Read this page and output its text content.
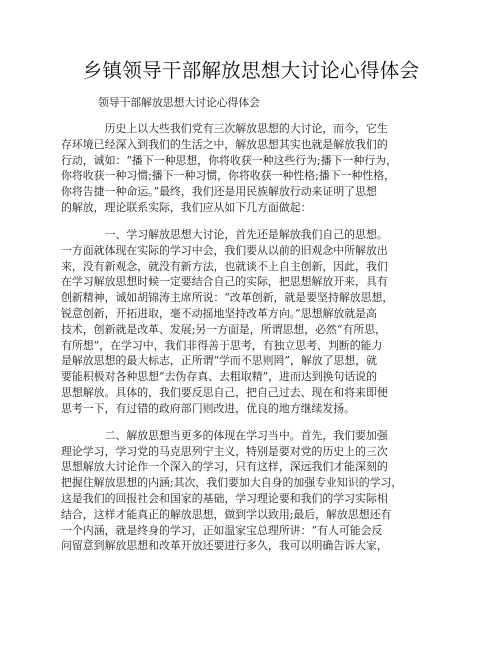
乡镇领导干部解放思想大讨论心得体会
领导干部解放思想大讨论心得体会
　　　　历史上以大些我们党有三次解放思想的大讨论，而今，它生
存环境已经深入到我们的生活之中，解放思想其实也就是解放我们的
行动，诚如：“播下一种思想，你将收获一种这些行为;播下一种行为，
你将收获一种习惯;播下一种习惯，你将收获一种性格;播下一种性格，
你将告捷一种命运。”最终，我们还是用民族解放行动来证明了思想
的解放，理论联系实际，我们应从如下几方面做起：
　　　　一、学习解放思想大讨论，首先还是解放我们自己的思想。
一方面就体现在实际的学习中会，我们要从以前的旧观念中所解放出
来，没有新观念，就没有新方法，也就谈不上自主创新，因此，我们
在学习解放思想时候一定要结合自己的实际，把思想解放开来，具有
创新精神，诚如胡锦涛主席所说：“改革创新，就是要坚持解放思想，
锐意创新，开拓进取，毫不动摇地坚持改革方向。”思想解放就是高
技术，创新就是改革、发展;另一方面是，所谓思想，必然“有所思，
有所想”，在学习中，我们非得善于思考，有独立思考、判断的能力
是解放思想的最大标志，正所谓“学而不思则罔”，解放了思想，就
要能积极对各种思想“去伪存真、去粗取精”，进而达到换句话说的
思想解放。具体的，我们要反思自己，把自己过去、现在和将来即便
思考一下，有过错的政府部门则改进，优良的地方继续发扬。
　　　　二、解放思想当更多的体现在学习当中。首先，我们要加强
理论学习，学习党的马克思列宁主义，特别是要对党的历史上的三次
思想解放大讨论作一个深入的学习，只有这样，深远我们才能深刻的
把握住解放思想的内涵;其次，我们要加大自身的加强专业知识的学习，
这是我们的回报社会和国家的基础，学习理论要和我们的学习实际相
结合，这样才能真正的解放思想，做到学以致用;最后，解放思想还有
一个内涵，就是终身的学习，正如温家宝总理所讲：“有人可能会反
问留意到解放思想和改革开放还要进行多久，我可以明确告诉大家，
